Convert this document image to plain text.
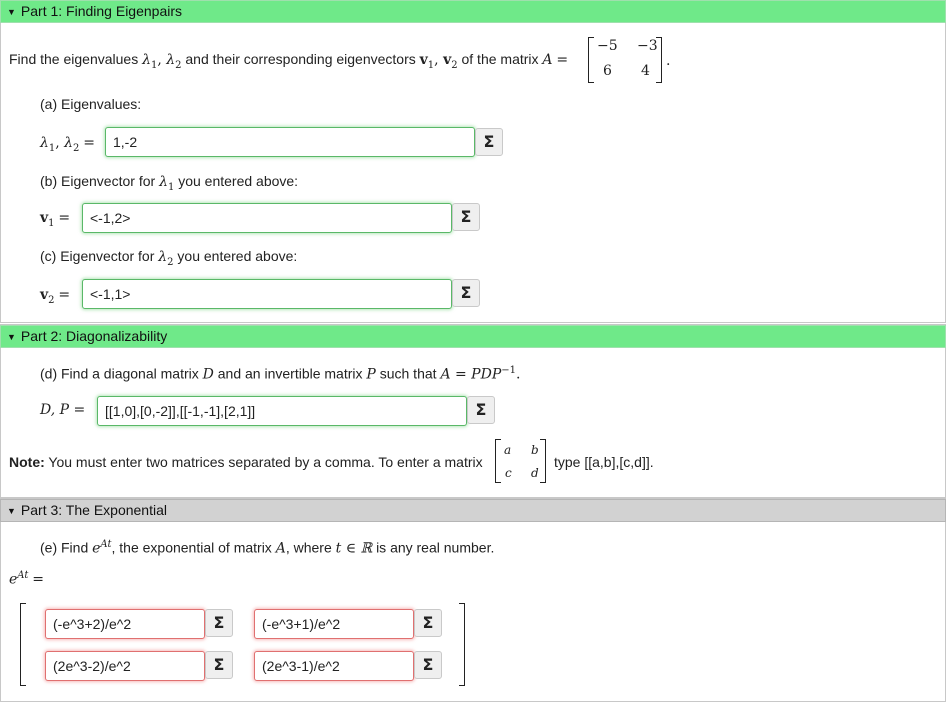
▼ Part 1: Finding Eigenpairs
Find the eigenvalues $\lambda_1$, $\lambda_2$ and their corresponding eigenvectors $v_1$, $v_2$ of the matrix A =
−5 −3
6 4
.
(a) Eigenvalues:
$\lambda_1$, $\lambda_2$ =	1,-2	Σ
(b) Eigenvector for $\lambda_1$ you entered above:
$v_1$ =	<-1,2>	Σ
(c) Eigenvector for $\lambda_2$ you entered above:
$v_2$ =	<-1,1>	Σ
▼ Part 2: Diagonalizability
(d) Find a diagonal matrix D and an invertible matrix P such that $A = PDP^{-1}$.
D, P =	[[1,0],[0,-2]],[[-1,-1],[2,1]]	Σ
Note: You must enter two matrices separated by a comma. To enter a matrix
a b
c d
type [[a,b],[c,d]].
▼ Part 3: The Exponential
(e) Find $e^{At}$, the exponential of matrix A, where t ∈ ℝ is any real number.
$e^{At}$ =
(-e^3+2)/e^2	Σ	(-e^3+1)/e^2	Σ
(2e^3-2)/e^2	Σ	(2e^3-1)/e^2	Σ
